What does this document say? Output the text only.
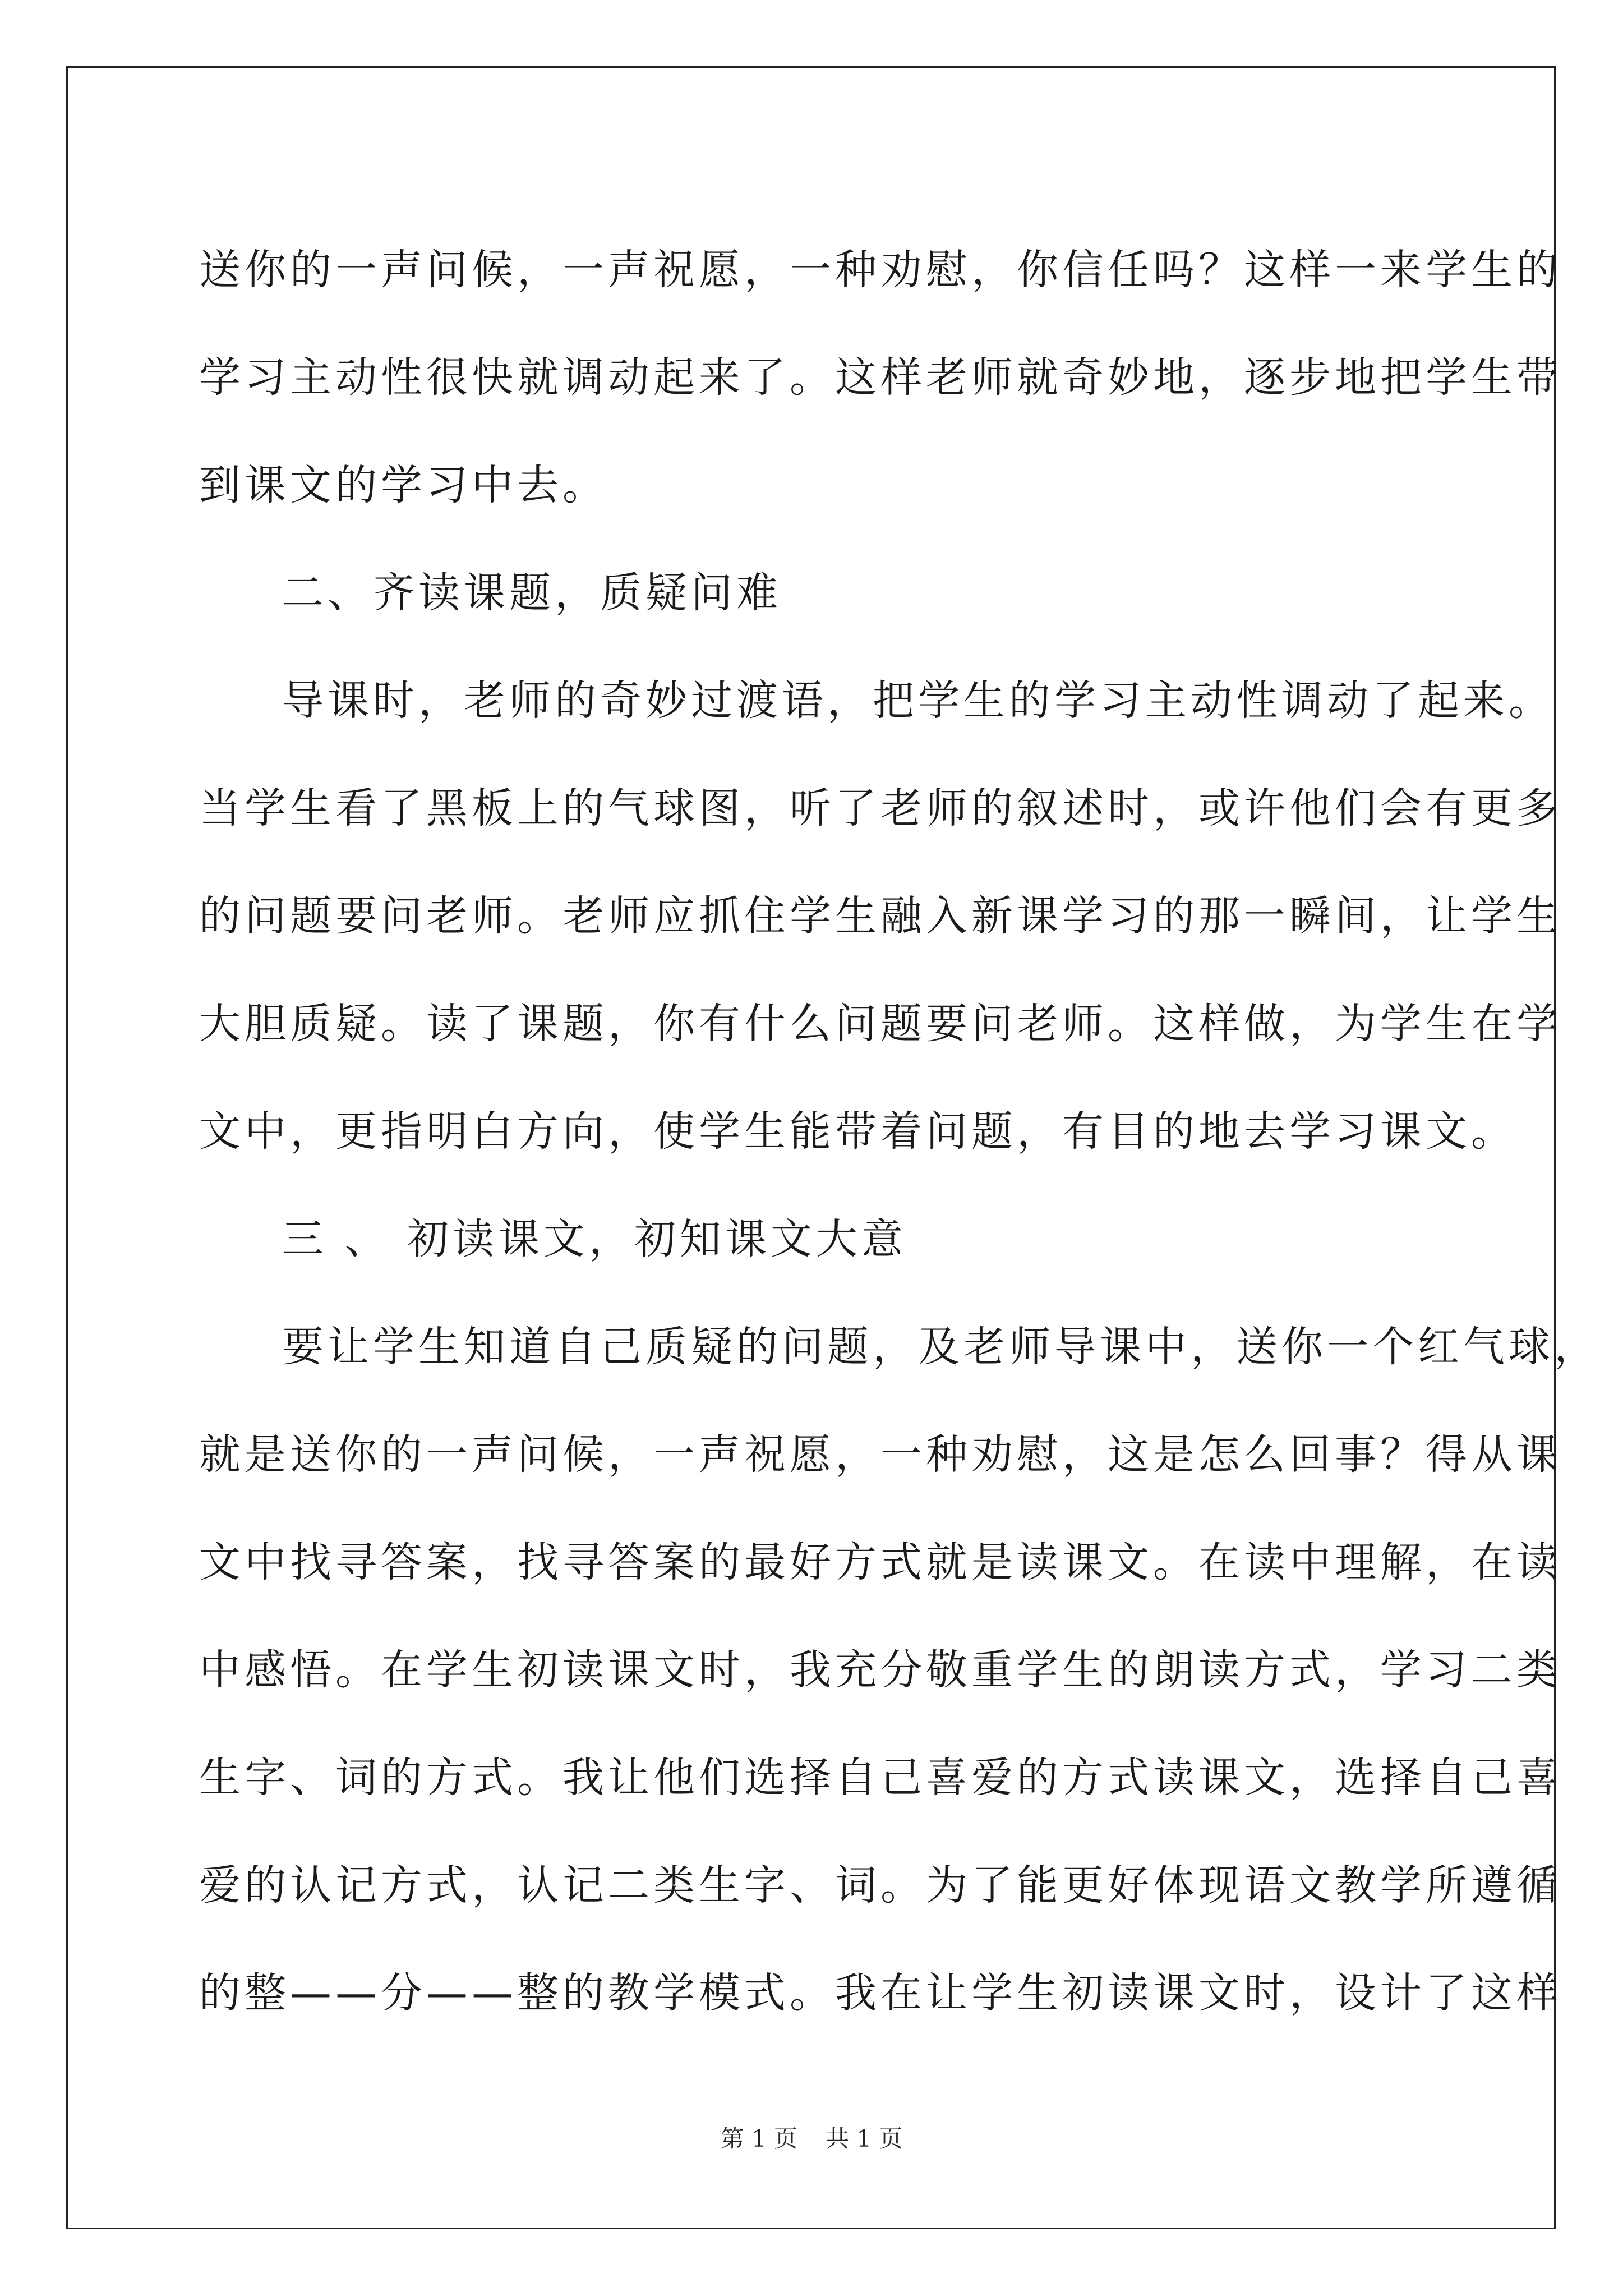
送你的一声问候，一声祝愿，一种劝慰，你信任吗？这样一来学生的
学习主动性很快就调动起来了。这样老师就奇妙地，逐步地把学生带
到课文的学习中去。
二、齐读课题，质疑问难
导课时，老师的奇妙过渡语，把学生的学习主动性调动了起来。
当学生看了黑板上的气球图，听了老师的叙述时，或许他们会有更多
的问题要问老师。老师应抓住学生融入新课学习的那一瞬间，让学生
大胆质疑。读了课题，你有什么问题要问老师。这样做，为学生在学
文中，更指明白方向，使学生能带着问题，有目的地去学习课文。
三 、 初读课文，初知课文大意
要让学生知道自己质疑的问题，及老师导课中，送你一个红气球，
就是送你的一声问候，一声祝愿，一种劝慰，这是怎么回事？得从课
文中找寻答案，找寻答案的最好方式就是读课文。在读中理解，在读
中感悟。在学生初读课文时，我充分敬重学生的朗读方式，学习二类
生字、词的方式。我让他们选择自己喜爱的方式读课文，选择自己喜
爱的认记方式，认记二类生字、词。为了能更好体现语文教学所遵循
的整——分——整的教学模式。我在让学生初读课文时，设计了这样
第 1 页 共 1 页
